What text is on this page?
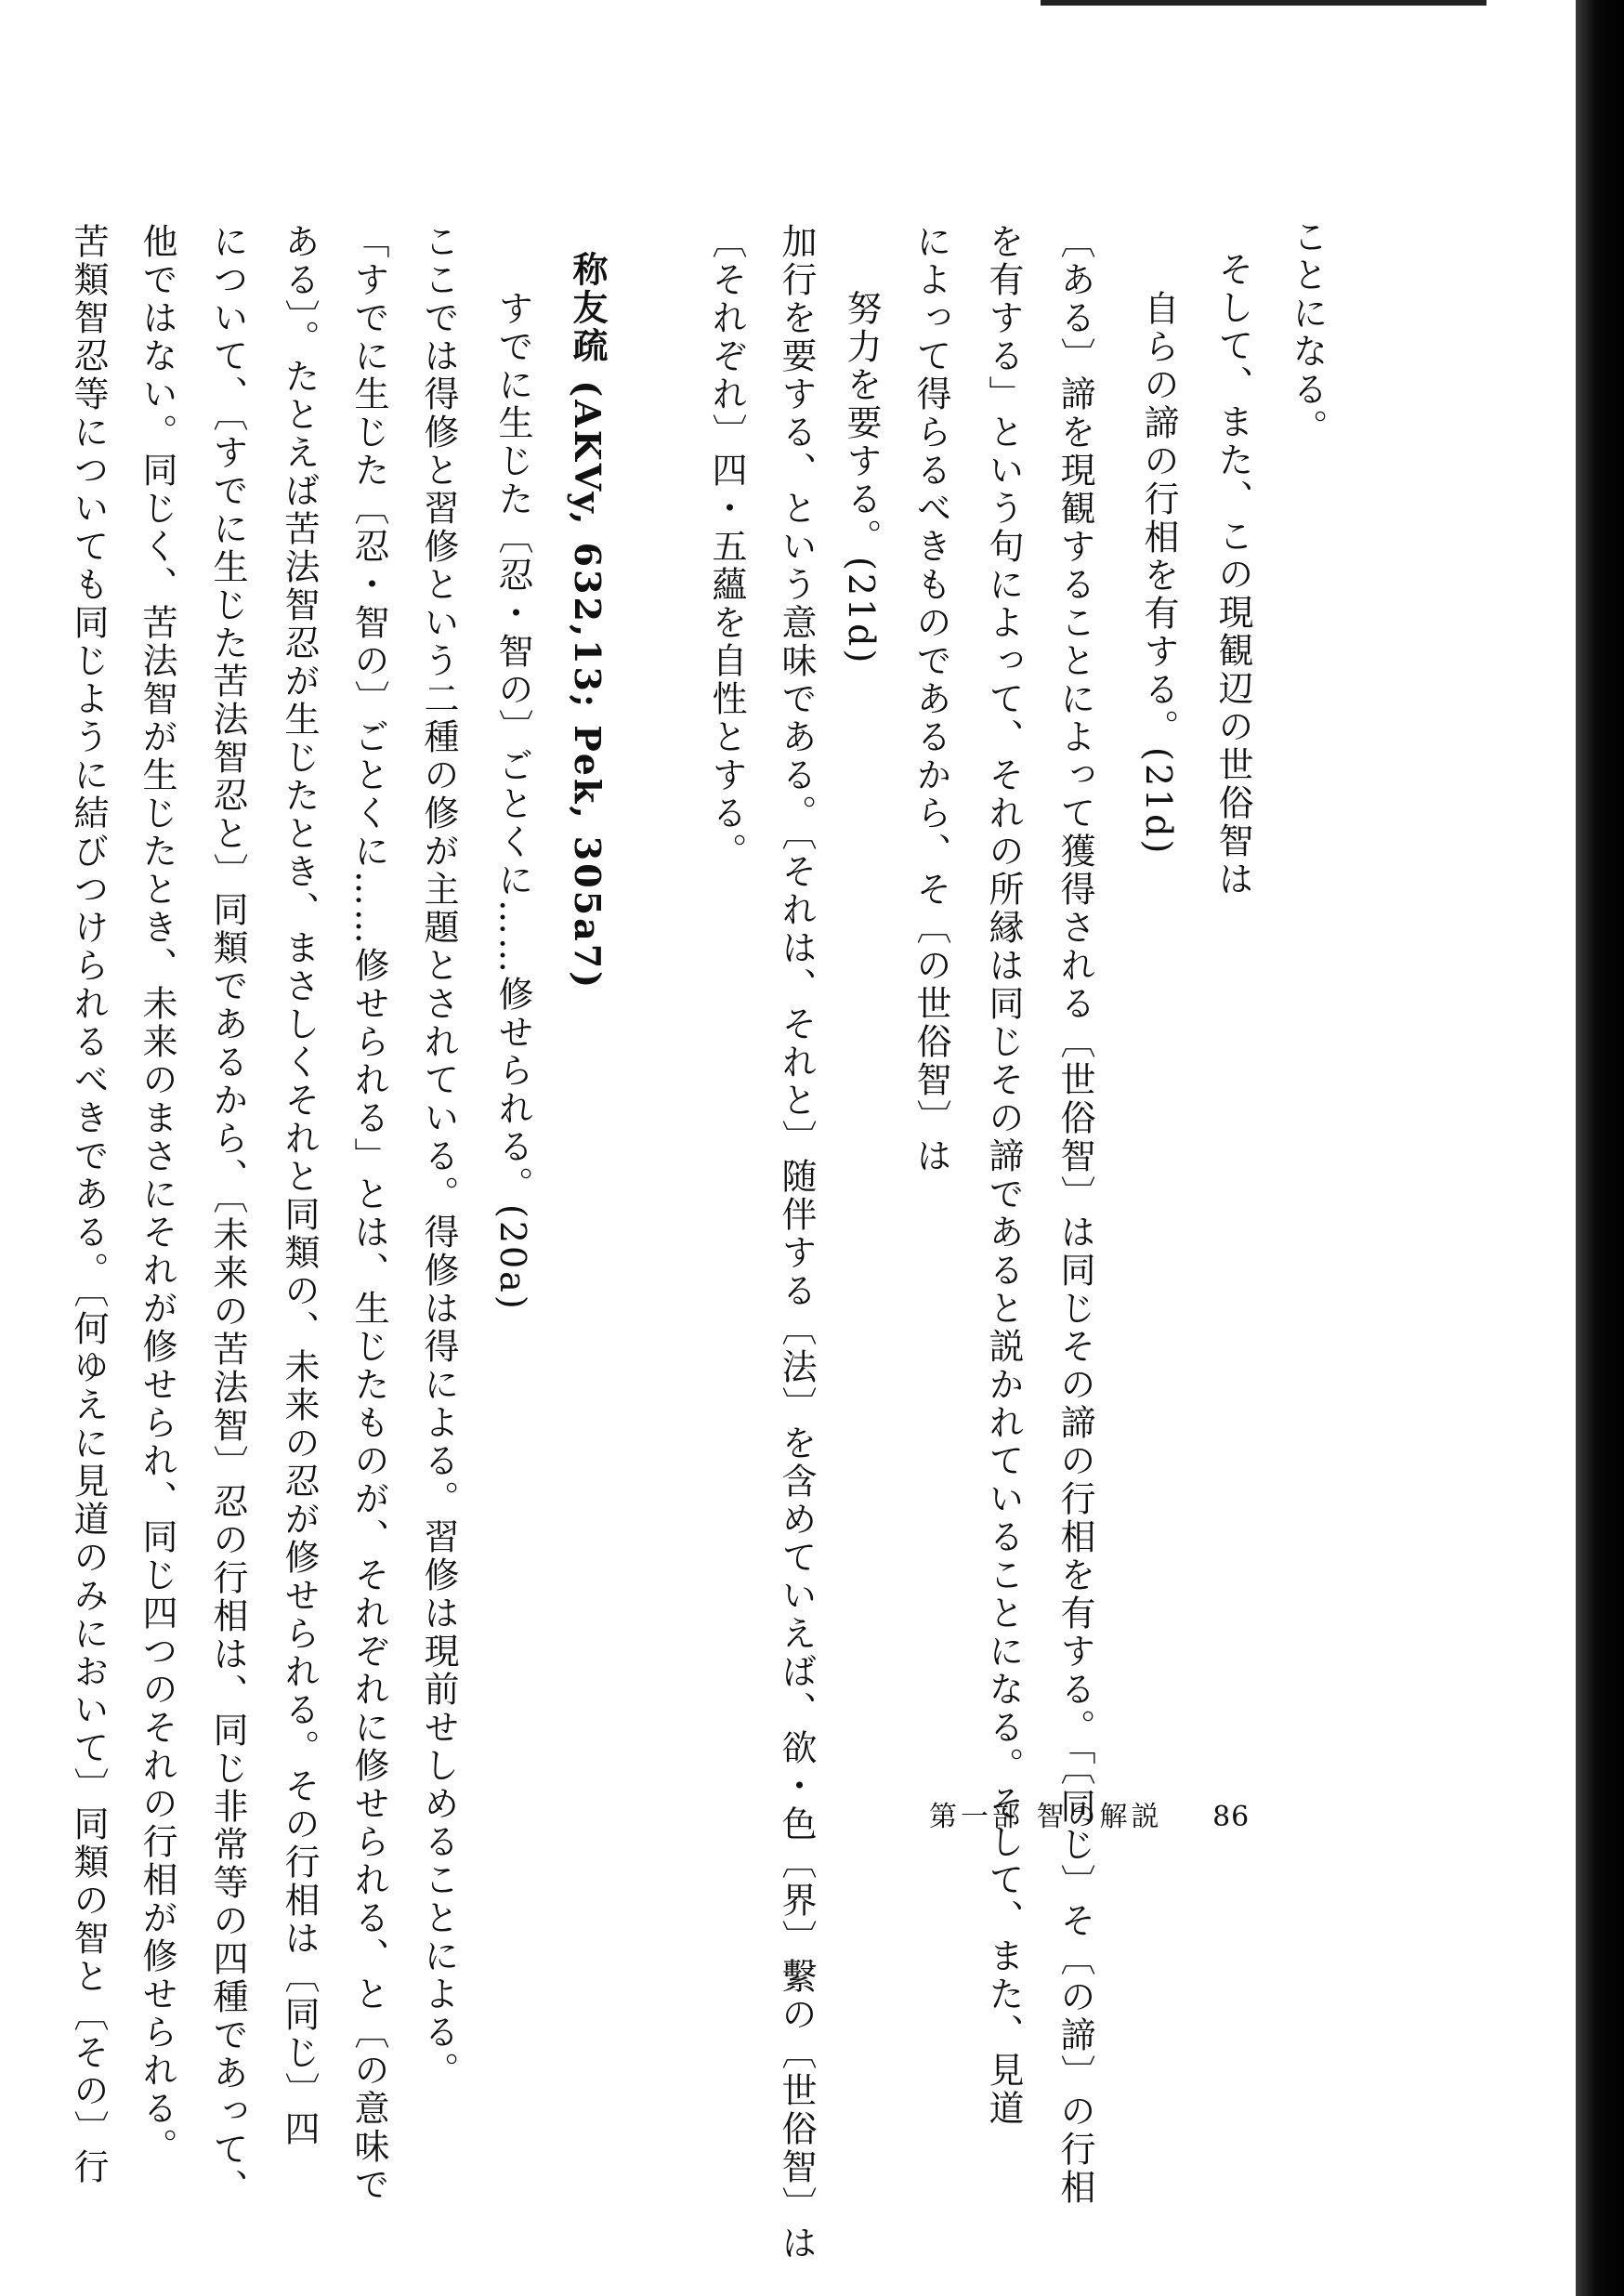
ことになる。
そして、また、この現観辺の世俗智は
自らの諦の行相を有する。(21d)
〔ある〕諦を現観することによって獲得される〔世俗智〕は同じその諦の行相を有する。「〔同じ〕そ〔の諦〕の行相
を有する」という句によって、それの所縁は同じその諦であると説かれていることになる。そして、また、見道
によって得らるべきものであるから、そ〔の世俗智〕は
努力を要する。(21d)
加行を要する、という意味である。〔それは、それと〕随伴する〔法〕を含めていえば、欲・色〔界〕繫の〔世俗智〕は
〔それぞれ〕四・五蘊を自性とする。
称友疏 (AKVy, 632,13; Pek, 305a7)
すでに生じた〔忍・智の〕ごとくに……修せられる。(20a)
ここでは得修と習修という二種の修が主題とされている。得修は得による。習修は現前せしめることによる。
「すでに生じた〔忍・智の〕ごとくに……修せられる」とは、生じたものが、それぞれに修せられる、と〔の意味で
ある〕。たとえば苦法智忍が生じたとき、まさしくそれと同類の、未来の忍が修せられる。その行相は〔同じ〕四
について、〔すでに生じた苦法智忍と〕同類であるから、〔未来の苦法智〕忍の行相は、同じ非常等の四種であって、
他ではない。同じく、苦法智が生じたとき、未来のまさにそれが修せられ、同じ四つのそれの行相が修せられる。
苦類智忍等についても同じように結びつけられるべきである。〔何ゆえに見道のみにおいて〕同類の智と〔その〕行	第一部 智の解説 86
